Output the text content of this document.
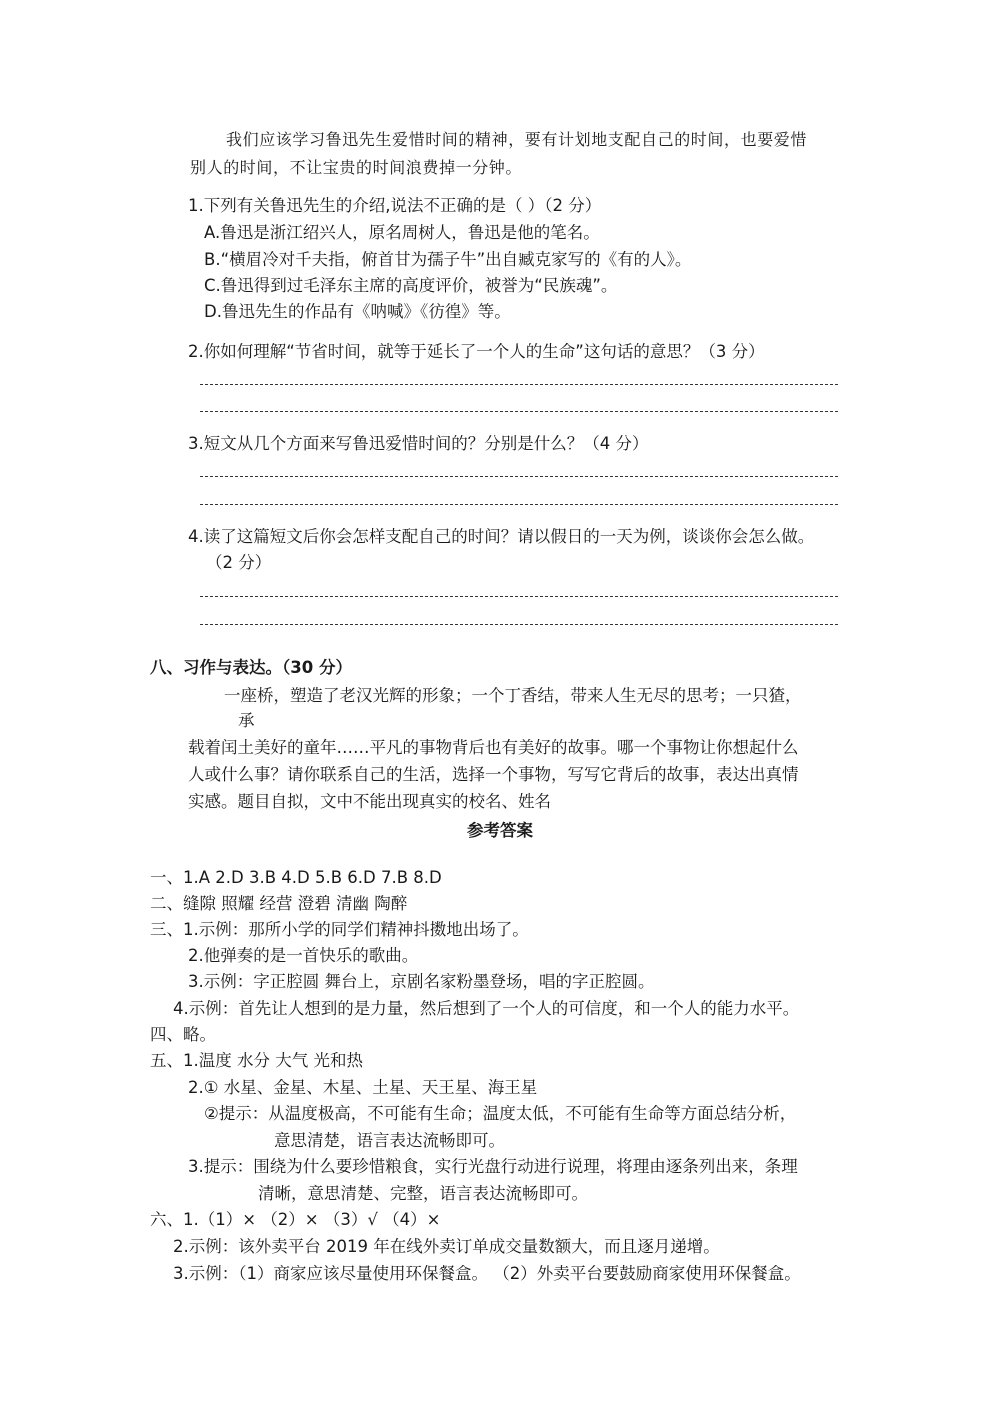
我们应该学习鲁迅先生爱惜时间的精神，要有计划地支配自己的时间，也要爱惜
别人的时间，不让宝贵的时间浪费掉一分钟。
1.下列有关鲁迅先生的介绍,说法不正确的是（ ）（2 分）
A.鲁迅是浙江绍兴人，原名周树人，鲁迅是他的笔名。
B.“横眉冷对千夫指，俯首甘为孺子牛”出自臧克家写的《有的人》。
C.鲁迅得到过毛泽东主席的高度评价，被誉为“民族魂”。
D.鲁迅先生的作品有《呐喊》《彷徨》等。
2.你如何理解“节省时间，就等于延长了一个人的生命”这句话的意思？（3 分）
3.短文从几个方面来写鲁迅爱惜时间的？分别是什么？（4 分）
4.读了这篇短文后你会怎样支配自己的时间？请以假日的一天为例，谈谈你会怎么做。
（2 分）
八、习作与表达。（30 分）
一座桥，塑造了老汉光辉的形象；一个丁香结，带来人生无尽的思考；一只猹，
承
载着闰土美好的童年……平凡的事物背后也有美好的故事。哪一个事物让你想起什么
人或什么事？请你联系自己的生活，选择一个事物，写写它背后的故事，表达出真情
实感。题目自拟，文中不能出现真实的校名、姓名
参考答案
一、1.A 2.D 3.B 4.D 5.B 6.D 7.B 8.D
二、缝隙 照耀 经营 澄碧 清幽 陶醉
三、1.示例：那所小学的同学们精神抖擞地出场了。
2.他弹奏的是一首快乐的歌曲。
3.示例：字正腔圆 舞台上，京剧名家粉墨登场，唱的字正腔圆。
4.示例：首先让人想到的是力量，然后想到了一个人的可信度，和一个人的能力水平。
四、略。
五、1.温度 水分 大气 光和热
2.① 水星、金星、木星、土星、天王星、海王星
②提示：从温度极高，不可能有生命；温度太低，不可能有生命等方面总结分析，
意思清楚，语言表达流畅即可。
3.提示：围绕为什么要珍惜粮食，实行光盘行动进行说理，将理由逐条列出来，条理
清晰，意思清楚、完整，语言表达流畅即可。
六、1.（1）× （2）× （3）√ （4）×
2.示例：该外卖平台 2019 年在线外卖订单成交量数额大，而且逐月递增。
3.示例：（1）商家应该尽量使用环保餐盒。 （2）外卖平台要鼓励商家使用环保餐盒。
